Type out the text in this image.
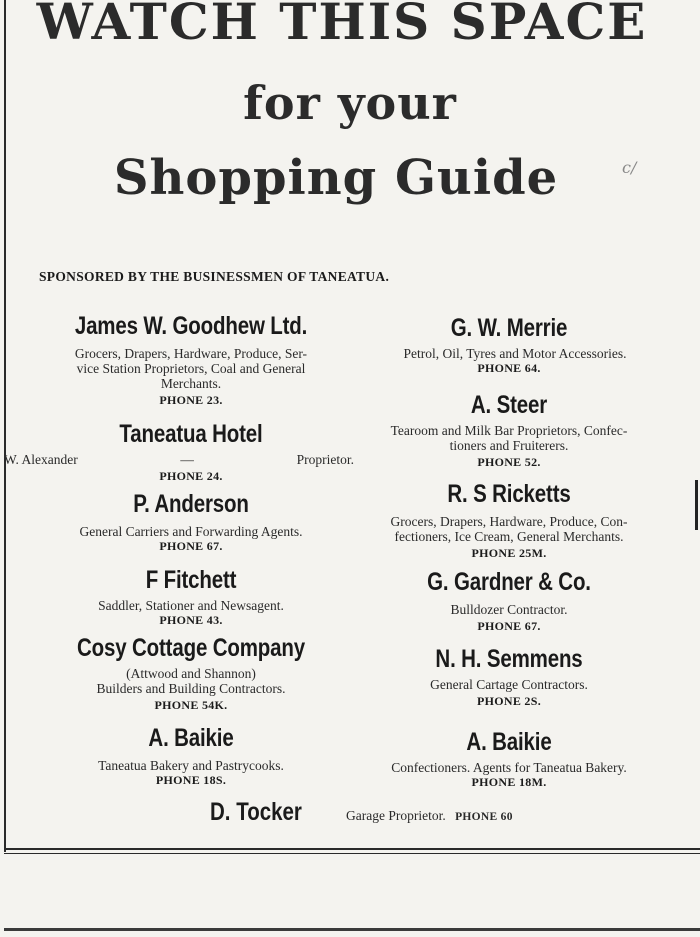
WATCH THIS SPACE
for your
Shopping Guide	c/
SPONSORED BY THE BUSINESSMEN OF TANEATUA.
James W. Goodhew Ltd.
Grocers, Drapers, Hardware, Produce, Ser-
vice Station Proprietors, Coal and General
Merchants.
PHONE 23.
Taneatua Hotel
W. Alexander	—	Proprietor.
PHONE 24.
P. Anderson
General Carriers and Forwarding Agents.
PHONE 67.
F Fitchett
Saddler, Stationer and Newsagent.
PHONE 43.
Cosy Cottage Company
(Attwood and Shannon)
Builders and Building Contractors.
PHONE 54K.
A. Baikie
Taneatua Bakery and Pastrycooks.
PHONE 18S.
G. W. Merrie
Petrol, Oil, Tyres and Motor Accessories.
PHONE 64.
A. Steer
Tearoom and Milk Bar Proprietors, Confec-
tioners and Fruiterers.
PHONE 52.
R. S Ricketts
Grocers, Drapers, Hardware, Produce, Con-
fectioners, Ice Cream, General Merchants.
PHONE 25M.
G. Gardner & Co.
Bulldozer Contractor.
PHONE 67.
N. H. Semmens
General Cartage Contractors.
PHONE 2S.
A. Baikie
Confectioners. Agents for Taneatua Bakery.
PHONE 18M.
D. Tocker	Garage Proprietor. PHONE 60
